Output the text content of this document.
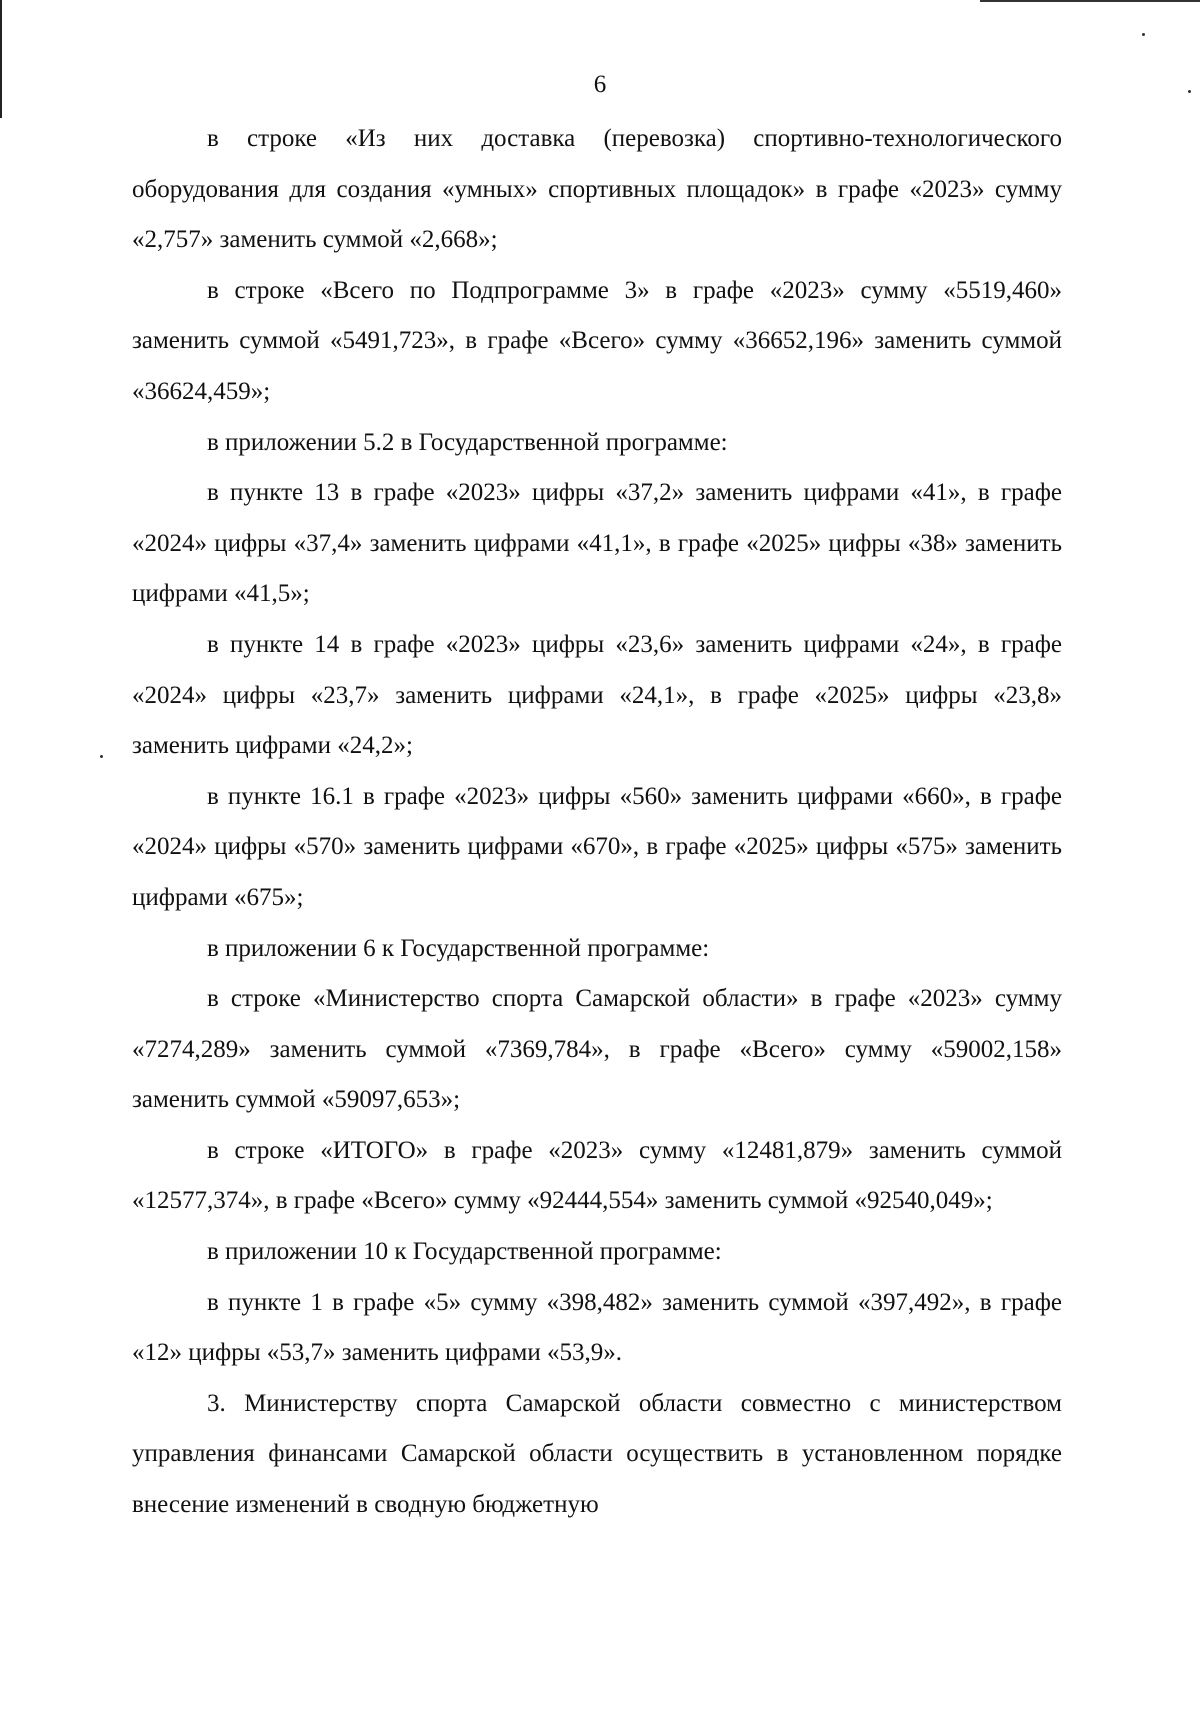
6

в строке «Из них доставка (перевозка) спортивно-технологического оборудования для создания «умных» спортивных площадок» в графе «2023» сумму «2,757» заменить суммой «2,668»;

в строке «Всего по Подпрограмме 3» в графе «2023» сумму «5519,460» заменить суммой «5491,723», в графе «Всего» сумму «36652,196» заменить суммой «36624,459»;

в приложении 5.2 в Государственной программе:

в пункте 13 в графе «2023» цифры «37,2» заменить цифрами «41», в графе «2024» цифры «37,4» заменить цифрами «41,1», в графе «2025» цифры «38» заменить цифрами «41,5»;

в пункте 14 в графе «2023» цифры «23,6» заменить цифрами «24», в графе «2024» цифры «23,7» заменить цифрами «24,1», в графе «2025» цифры «23,8» заменить цифрами «24,2»;

в пункте 16.1 в графе «2023» цифры «560» заменить цифрами «660», в графе «2024» цифры «570» заменить цифрами «670», в графе «2025» цифры «575» заменить цифрами «675»;

в приложении 6 к Государственной программе:

в строке «Министерство спорта Самарской области» в графе «2023» сумму «7274,289» заменить суммой «7369,784», в графе «Всего» сумму «59002,158» заменить суммой «59097,653»;

в строке «ИТОГО» в графе «2023» сумму «12481,879» заменить суммой «12577,374», в графе «Всего» сумму «92444,554» заменить суммой «92540,049»;

в приложении 10 к Государственной программе:

в пункте 1 в графе «5» сумму «398,482» заменить суммой «397,492», в графе «12» цифры «53,7» заменить цифрами «53,9».

3. Министерству спорта Самарской области совместно с министерством управления финансами Самарской области осуществить в установленном порядке внесение изменений в сводную бюджетную
